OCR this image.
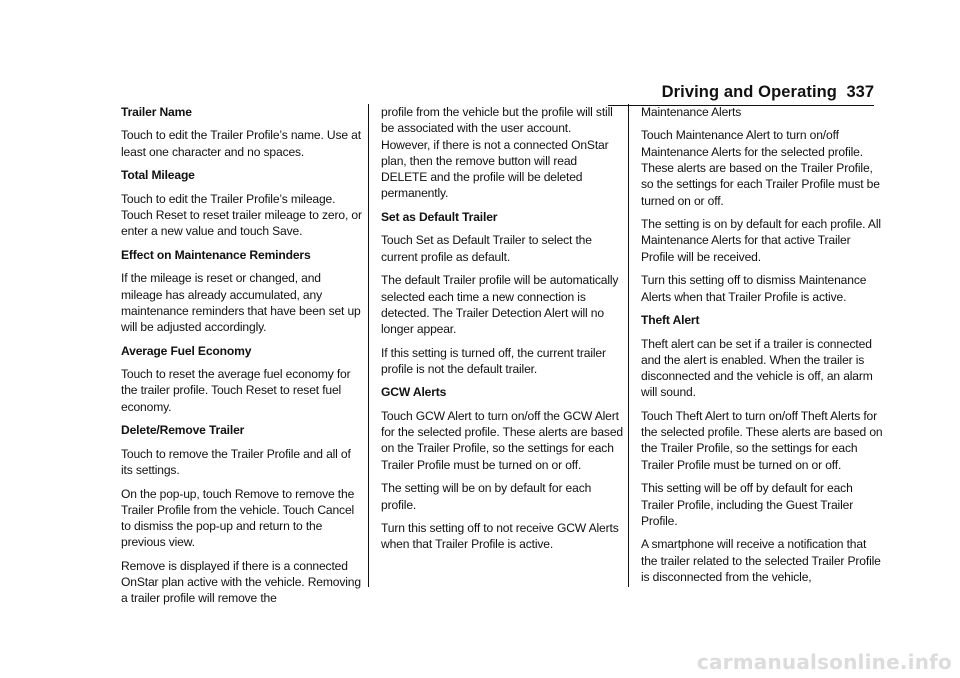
Driving and Operating 337

Trailer Name

Touch to edit the Trailer Profile’s name. Use at least one character and no spaces.

Total Mileage

Touch to edit the Trailer Profile’s mileage. Touch Reset to reset trailer mileage to zero, or enter a new value and touch Save.

Effect on Maintenance Reminders

If the mileage is reset or changed, and mileage has already accumulated, any maintenance reminders that have been set up will be adjusted accordingly.

Average Fuel Economy

Touch to reset the average fuel economy for the trailer profile. Touch Reset to reset fuel economy.

Delete/Remove Trailer

Touch to remove the Trailer Profile and all of its settings.

On the pop-up, touch Remove to remove the Trailer Profile from the vehicle. Touch Cancel to dismiss the pop-up and return to the previous view.

Remove is displayed if there is a connected OnStar plan active with the vehicle. Removing a trailer profile will remove the

profile from the vehicle but the profile will still be associated with the user account. However, if there is not a connected OnStar plan, then the remove button will read DELETE and the profile will be deleted permanently.

Set as Default Trailer

Touch Set as Default Trailer to select the current profile as default.

The default Trailer profile will be automatically selected each time a new connection is detected. The Trailer Detection Alert will no longer appear.

If this setting is turned off, the current trailer profile is not the default trailer.

GCW Alerts

Touch GCW Alert to turn on/off the GCW Alert for the selected profile. These alerts are based on the Trailer Profile, so the settings for each Trailer Profile must be turned on or off.

The setting will be on by default for each profile.

Turn this setting off to not receive GCW Alerts when that Trailer Profile is active.

Maintenance Alerts

Touch Maintenance Alert to turn on/off Maintenance Alerts for the selected profile. These alerts are based on the Trailer Profile, so the settings for each Trailer Profile must be turned on or off.

The setting is on by default for each profile. All Maintenance Alerts for that active Trailer Profile will be received.

Turn this setting off to dismiss Maintenance Alerts when that Trailer Profile is active.

Theft Alert

Theft alert can be set if a trailer is connected and the alert is enabled. When the trailer is disconnected and the vehicle is off, an alarm will sound.

Touch Theft Alert to turn on/off Theft Alerts for the selected profile. These alerts are based on the Trailer Profile, so the settings for each Trailer Profile must be turned on or off.

This setting will be off by default for each Trailer Profile, including the Guest Trailer Profile.

A smartphone will receive a notification that the trailer related to the selected Trailer Profile is disconnected from the vehicle,

carmanualsonline.info
